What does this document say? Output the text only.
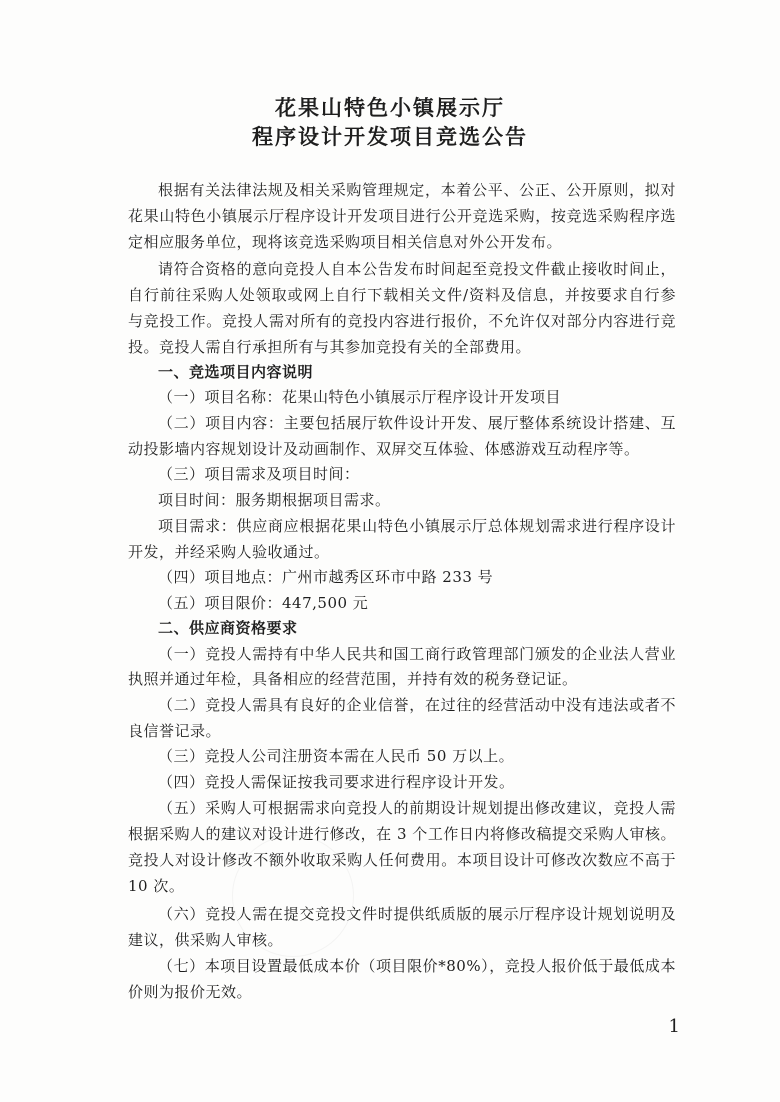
花果山特色小镇展示厅
程序设计开发项目竞选公告
根据有关法律法规及相关采购管理规定，本着公平、公正、公开原则，拟对
花果山特色小镇展示厅程序设计开发项目进行公开竞选采购，按竞选采购程序选
定相应服务单位，现将该竞选采购项目相关信息对外公开发布。
请符合资格的意向竞投人自本公告发布时间起至竞投文件截止接收时间止，
自行前往采购人处领取或网上自行下载相关文件/资料及信息，并按要求自行参
与竞投工作。竞投人需对所有的竞投内容进行报价，不允许仅对部分内容进行竞
投。竞投人需自行承担所有与其参加竞投有关的全部费用。
一、竞选项目内容说明
（一）项目名称：花果山特色小镇展示厅程序设计开发项目
（二）项目内容：主要包括展厅软件设计开发、展厅整体系统设计搭建、互
动投影墙内容规划设计及动画制作、双屏交互体验、体感游戏互动程序等。
（三）项目需求及项目时间：
项目时间：服务期根据项目需求。
项目需求：供应商应根据花果山特色小镇展示厅总体规划需求进行程序设计
开发，并经采购人验收通过。
（四）项目地点：广州市越秀区环市中路 233 号
（五）项目限价：447,500 元
二、供应商资格要求
（一）竞投人需持有中华人民共和国工商行政管理部门颁发的企业法人营业
执照并通过年检，具备相应的经营范围，并持有效的税务登记证。
（二）竞投人需具有良好的企业信誉，在过往的经营活动中没有违法或者不
良信誉记录。
（三）竞投人公司注册资本需在人民币 50 万以上。
（四）竞投人需保证按我司要求进行程序设计开发。
（五）采购人可根据需求向竞投人的前期设计规划提出修改建议，竞投人需
根据采购人的建议对设计进行修改，在 3 个工作日内将修改稿提交采购人审核。
竞投人对设计修改不额外收取采购人任何费用。本项目设计可修改次数应不高于
10 次。
（六）竞投人需在提交竞投文件时提供纸质版的展示厅程序设计规划说明及
建议，供采购人审核。
（七）本项目设置最低成本价（项目限价*80%），竞投人报价低于最低成本
价则为报价无效。
1
